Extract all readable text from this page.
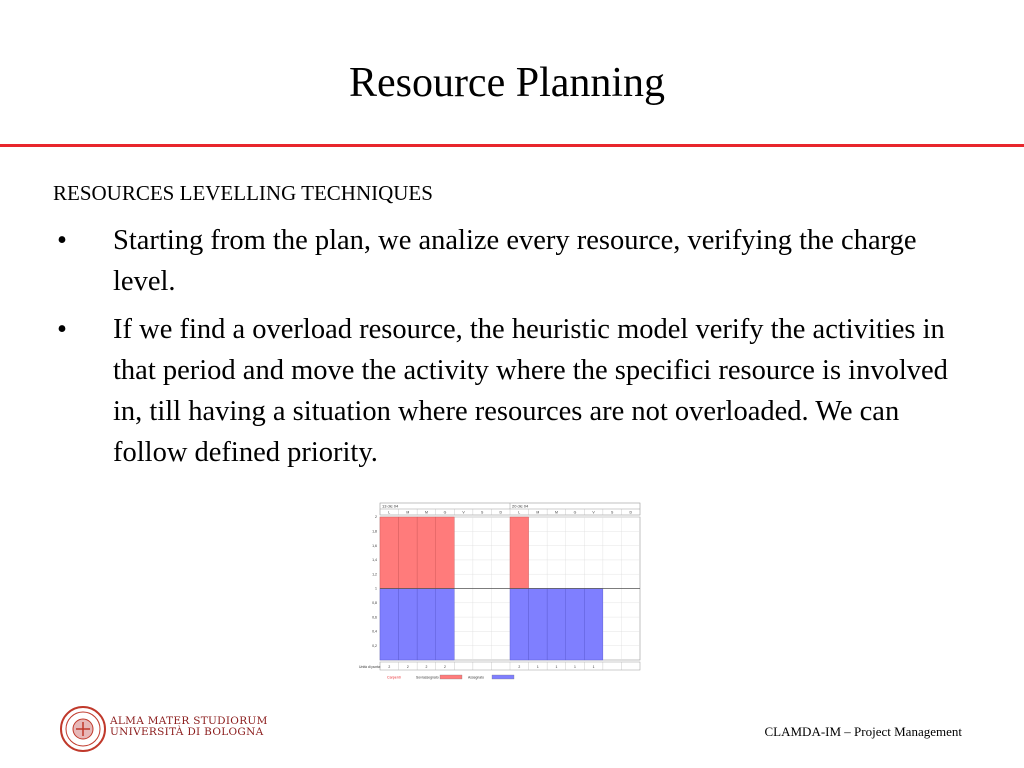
Resource Planning
RESOURCES LEVELLING TECHNIQUES
• Starting from the plan, we analize every resource, verifying the charge level.
• If we find a overload resource, the heuristic model verify the activities in that period and move the activity where the specifici resource is involved in, till having a situation where resources are not overloaded. We can follow defined priority.
13 dic 04	20 dic 04
L	M	M	G	V	S	D	L	M	M	G	V	S	D
2
1,8
1,6
1,4
1,2
1
0,8
0,6
0,4
0,2
Unità di punta: 2	2	2	2	2	1	1	1	1
Carpenti	Sovrassegnato	Assegnato
ALMA MATER STUDIORUM
UNIVERSITÀ DI BOLOGNA	CLAMDA-IM – Project Management
